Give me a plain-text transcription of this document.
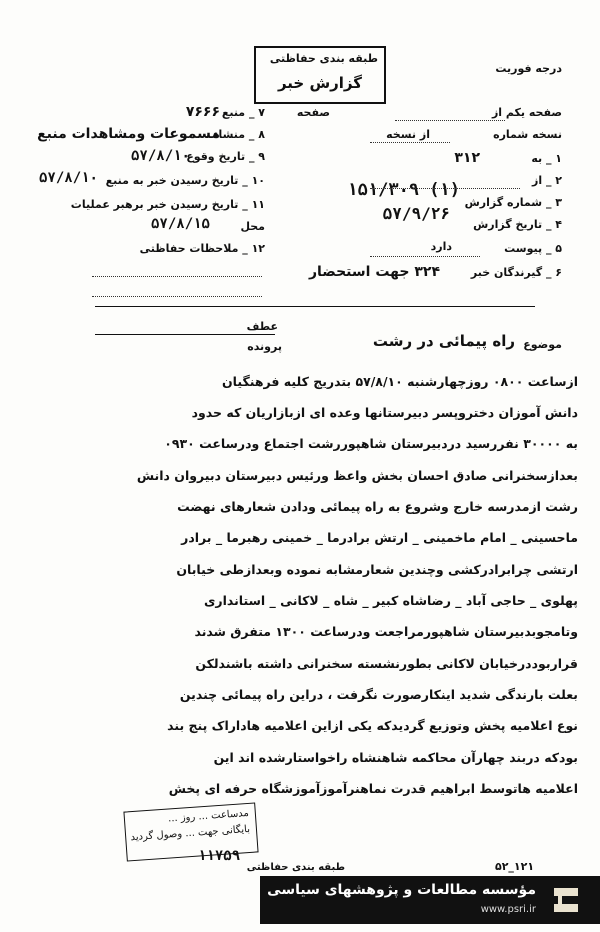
طبقه بندی حفاظتی
گزارش خبر
درجه فوریت
صفحه یکم از
صفحه
نسخه شماره
از نسخه
۱ _ به
۳۱۲
۲ _ از
۳ _ شماره گزارش
۱۵۱/۳۰۹ (۱)
۴ _ تاریخ گزارش
۵۷/۹/۲۶
۵ _ پیوست
دارد
۶ _ گیرندگان خبر
۳۲۴ جهت استحضار
۷ _ منبع
۷۶۶۶
۸ _ منشاء
مسموعات ومشاهدات منبع
۹ _ تاریخ وقوع
۵۷/۸/۱۰
۱۰ _ تاریخ رسیدن خبر به منبع
۵۷/۸/۱۰
۱۱ _ تاریخ رسیدن خبر برهبر عملیات
محل
۵۷/۸/۱۵
۱۲ _ ملاحظات حفاظتی
عطف
پرونده	موضوع
راه پیمائی در رشت
ازساعت ۰۸۰۰ روزچهارشنبه ۵۷/۸/۱۰ بتدریج کلیه فرهنگیان
دانش آموزان دختروپسر دبیرستانها وعده ای ازبازاریان که حدود
به ۳۰۰۰۰ نفررسید دردبیرستان شاهپوررشت اجتماع ودرساعت ۰۹۳۰
بعدازسخنرانی صادق احسان بخش واعظ ورئیس دبیرستان دبیروان دانش
رشت ازمدرسه خارج وشروع به راه پیمائی ودادن شعارهای نهضت
ماحسینی _ امام ماخمینی _ ارتش برادرما _ خمینی رهبرما _ برادر
ارتشی چرابرادرکشی وچندین شعارمشابه نموده وبعدازطی خیابان
پهلوی _ حاجی آباد _ رضاشاه کبیر _ شاه _ لاکانی _ استانداری
وتامجوبدبیرستان شاهپورمراجعت ودرساعت ۱۳۰۰ متفرق شدند
قراربوددرخیابان لاکانی بطورنشسته سخنرانی داشته باشندلکن
بعلت بارندگی شدید اینکارصورت نگرفت ، دراین راه پیمائی چندین
نوع اعلامیه پخش وتوزیع گردیدکه یکی ازاین اعلامیه هاداراک پنج بند
بودکه دربند چهارآن محاکمه شاهنشاه راخواستارشده اند این
اعلامیه هاتوسط ابراهیم قدرت نماهنرآموزآموزشگاه حرفه ای پخش
مدساعت ... روز ...
بایگانی جهت ... وصول گردید
۱۱۷۵۹
طبقه بندی حفاظتی	۵۲_۱۲۱
مؤسسه مطالعات و پژوهشهای سیاسی
www.psri.ir
